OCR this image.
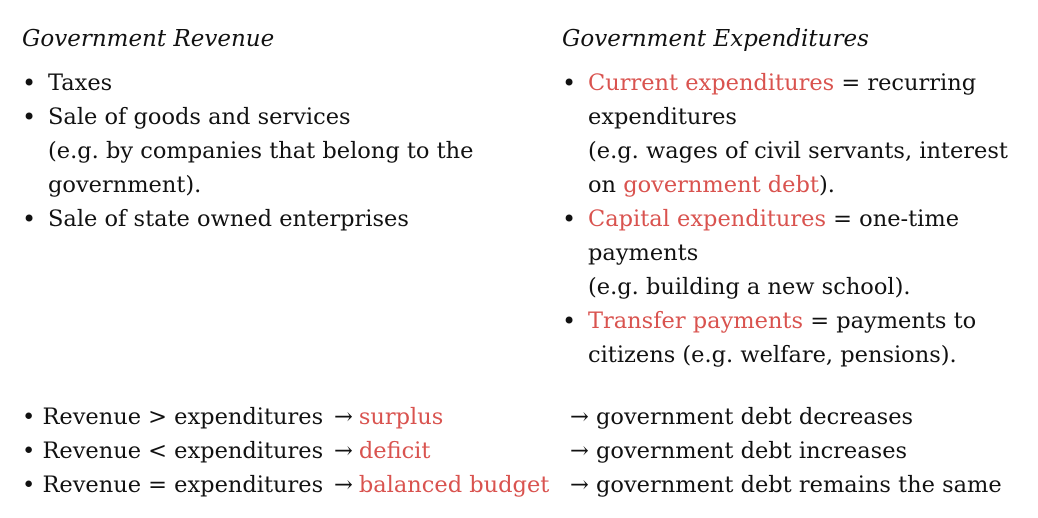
Government Revenue
• Taxes
• Sale of goods and services
(e.g. by companies that belong to the
government).
• Sale of state owned enterprises
Government Expenditures
• Current expenditures = recurring
expenditures
(e.g. wages of civil servants, interest
on government debt).
• Capital expenditures = one-time
payments
(e.g. building a new school).
• Transfer payments = payments to
citizens (e.g. welfare, pensions).
• Revenue > expenditures → surplus	→ government debt decreases
• Revenue < expenditures → deficit	→ government debt increases
• Revenue = expenditures → balanced budget → government debt remains the same
